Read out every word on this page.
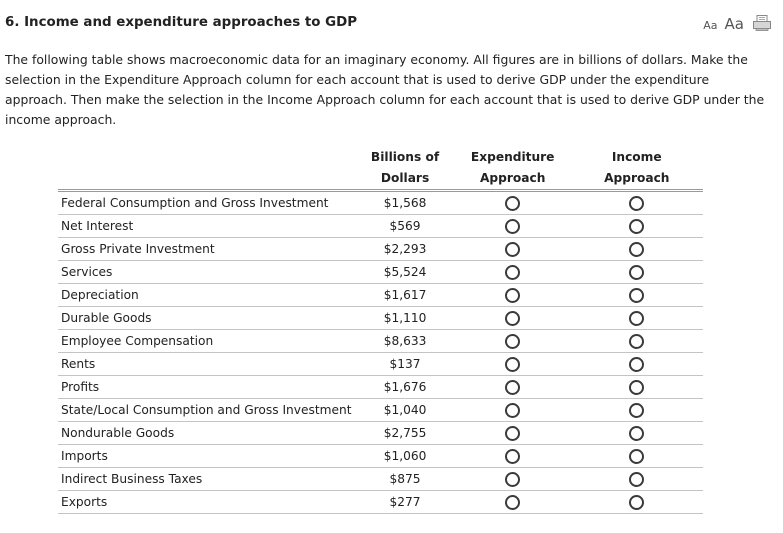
6. Income and expenditure approaches to GDP	Aa Aa
The following table shows macroeconomic data for an imaginary economy. All figures are in billions of dollars. Make the selection in the Expenditure Approach column for each account that is used to derive GDP under the expenditure approach. Then make the selection in the Income Approach column for each account that is used to derive GDP under the income approach.
	Billions of	Expenditure	Income
	Dollars	Approach	Approach
Federal Consumption and Gross Investment	$1,568		
Net Interest	$569		
Gross Private Investment	$2,293		
Services	$5,524		
Depreciation	$1,617		
Durable Goods	$1,110		
Employee Compensation	$8,633		
Rents	$137		
Profits	$1,676		
State/Local Consumption and Gross Investment	$1,040		
Nondurable Goods	$2,755		
Imports	$1,060		
Indirect Business Taxes	$875		
Exports	$277		
